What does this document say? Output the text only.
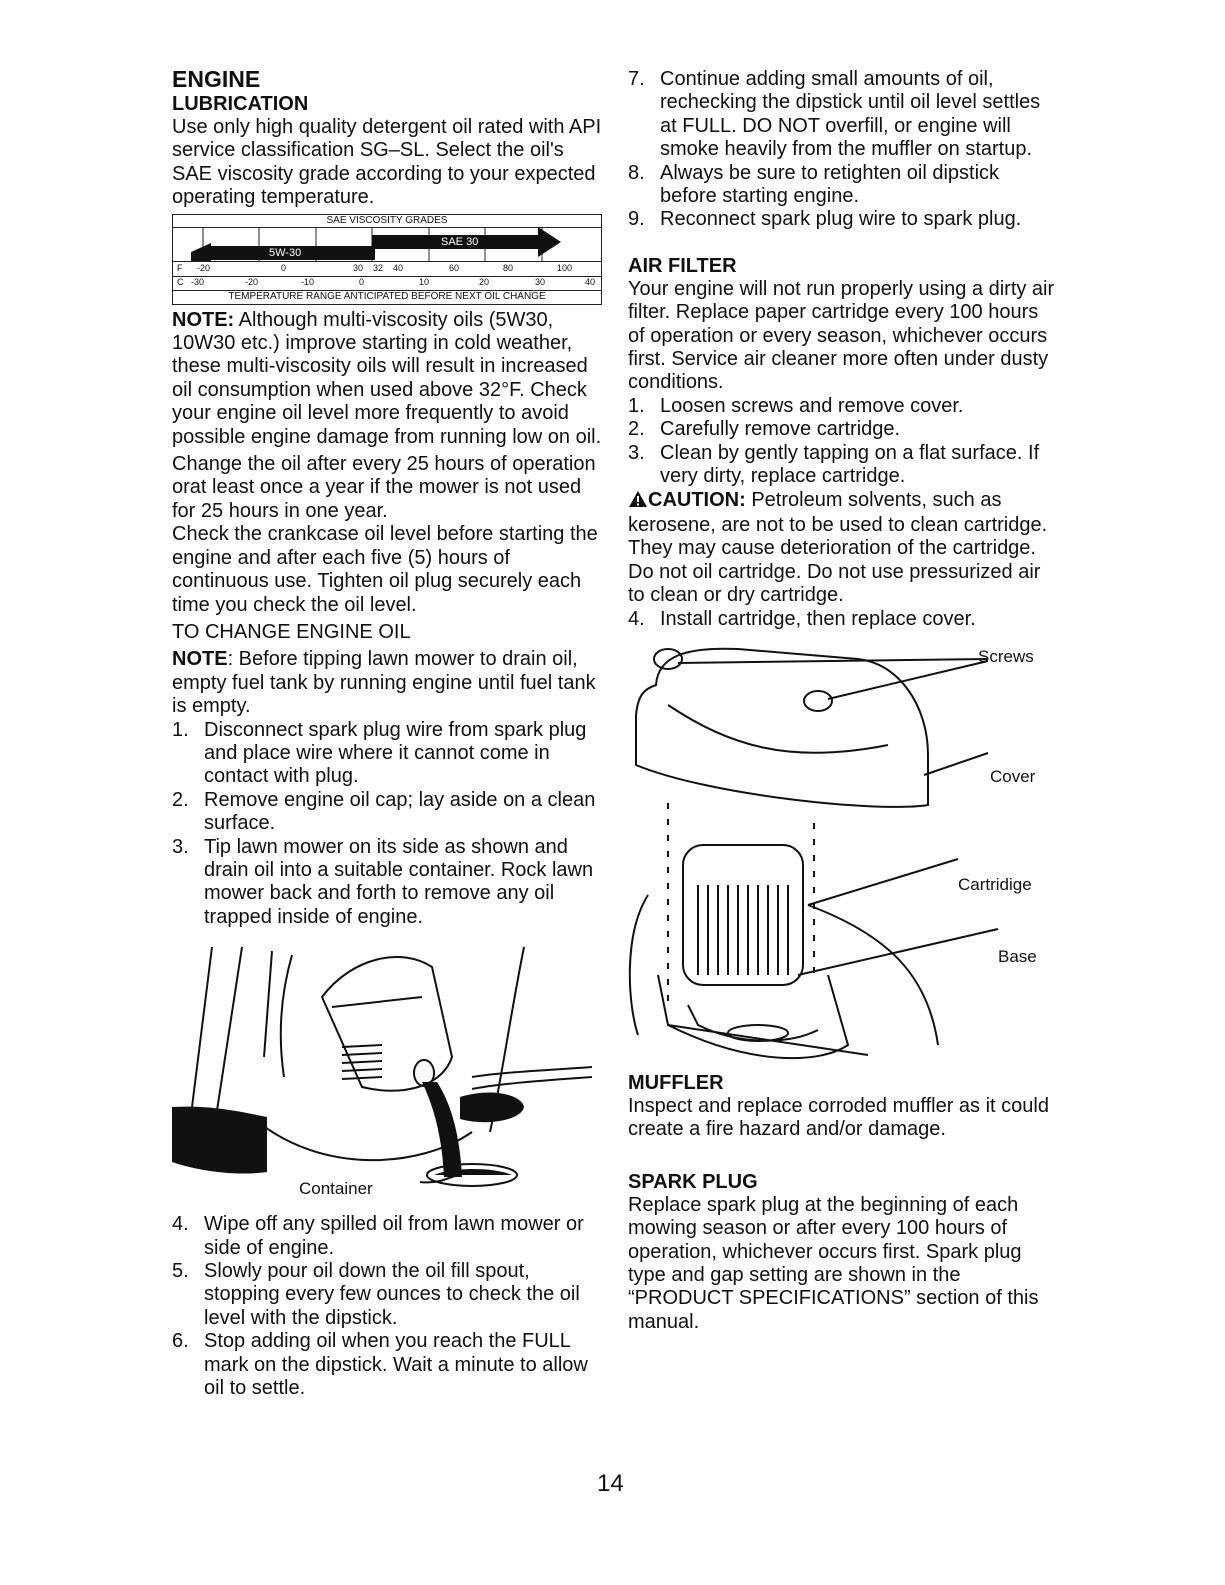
ENGINE

LUBRICATION

Use only high quality detergent oil rated with API service classification SG–SL. Select the oil's SAE viscosity grade according to your expected operating temperature.

SAE VISCOSITY GRADES
SAE 30
5W-30
F -20	0	30 32 40	60	80	100
C -30	-20	-10	0	10	20	30	40
TEMPERATURE RANGE ANTICIPATED BEFORE NEXT OIL CHANGE

NOTE: Although multi-viscosity oils (5W30, 10W30 etc.) improve starting in cold weather, these multi-viscosity oils will result in increased oil consumption when used above 32°F. Check your engine oil level more frequently to avoid possible engine damage from running low on oil.

Change the oil after every 25 hours of operation orat least once a year if the mower is not used for 25 hours in one year.

Check the crankcase oil level before starting the engine and after each five (5) hours of continuous use. Tighten oil plug securely each time you check the oil level.

TO CHANGE ENGINE OIL

NOTE: Before tipping lawn mower to drain oil, empty fuel tank by running engine until fuel tank is empty.

1. Disconnect spark plug wire from spark plug and place wire where it cannot come in contact with plug.
2. Remove engine oil cap; lay aside on a clean surface.
3. Tip lawn mower on its side as shown and drain oil into a suitable container. Rock lawn mower back and forth to remove any oil trapped inside of engine.
Container
4. Wipe off any spilled oil from lawn mower or side of engine.
5. Slowly pour oil down the oil fill spout, stopping every few ounces to check the oil level with the dipstick.
6. Stop adding oil when you reach the FULL mark on the dipstick. Wait a minute to allow oil to settle.
7. Continue adding small amounts of oil, rechecking the dipstick until oil level settles at FULL. DO NOT overfill, or engine will smoke heavily from the muffler on startup.
8. Always be sure to retighten oil dipstick before starting engine.
9. Reconnect spark plug wire to spark plug.

AIR FILTER

Your engine will not run properly using a dirty air filter. Replace paper cartridge every 100 hours of operation or every season, whichever occurs first. Service air cleaner more often under dusty conditions.

1. Loosen screws and remove cover.
2. Carefully remove cartridge.
3. Clean by gently tapping on a flat surface. If very dirty, replace cartridge.

CAUTION: Petroleum solvents, such as kerosene, are not to be used to clean cartridge. They may cause deterioration of the cartridge. Do not oil cartridge. Do not use pressurized air to clean or dry cartridge.

4. Install cartridge, then replace cover.
Screws
Cover
Cartridige
Base

MUFFLER

Inspect and replace corroded muffler as it could create a fire hazard and/or damage.

SPARK PLUG

Replace spark plug at the beginning of each mowing season or after every 100 hours of operation, whichever occurs first. Spark plug type and gap setting are shown in the “PRODUCT SPECIFICATIONS” section of this manual.

14
